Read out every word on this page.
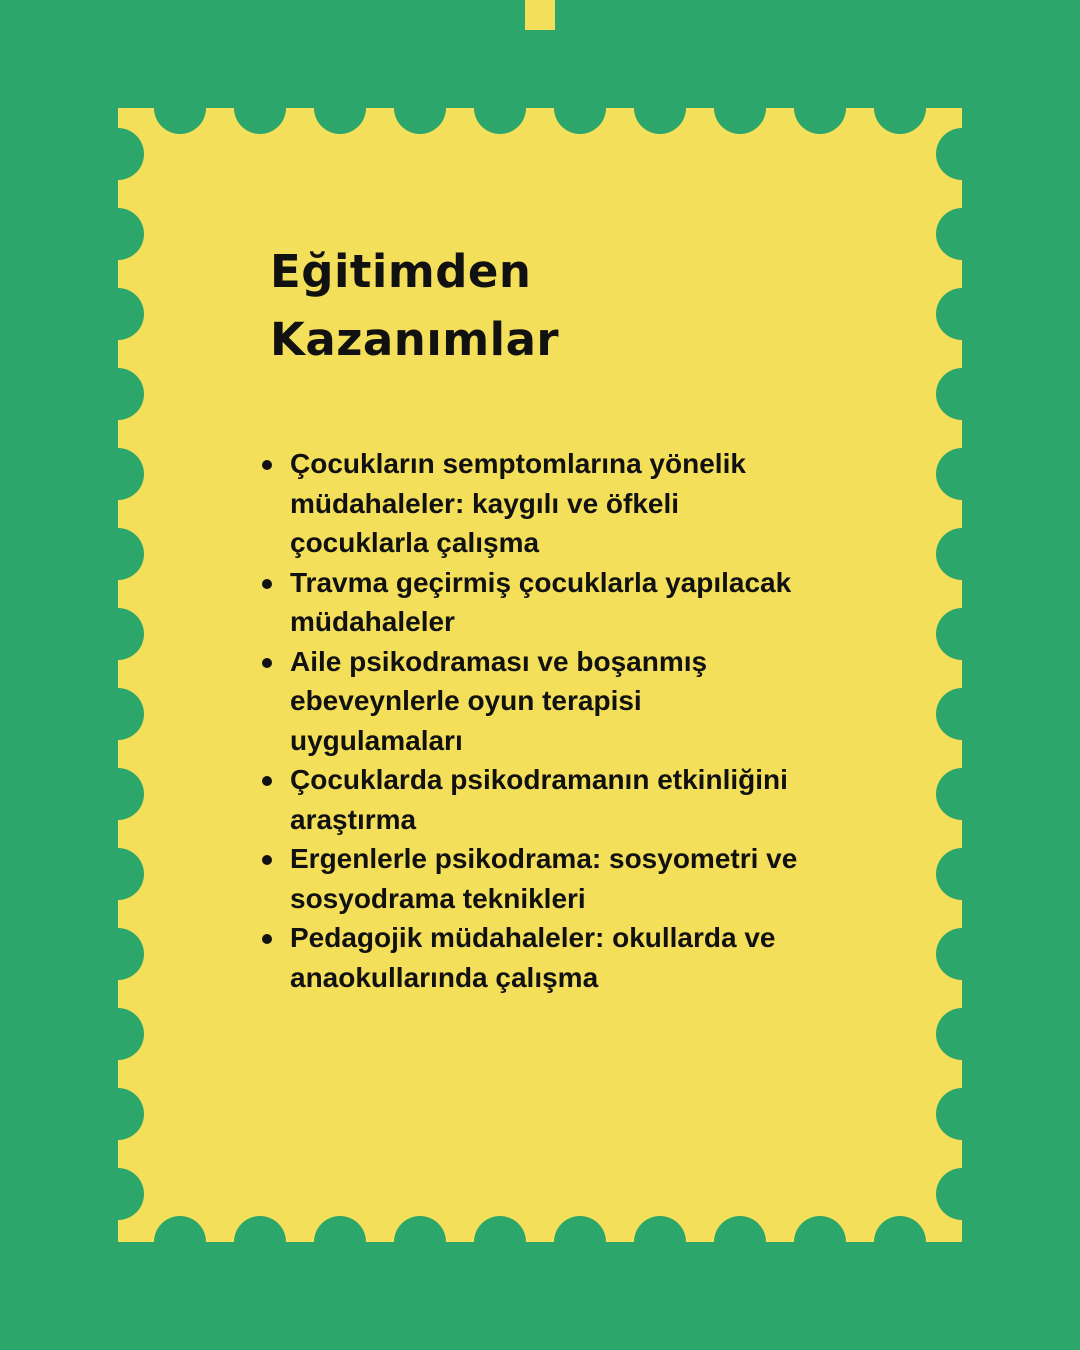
Eğitimden
Kazanımlar
Çocukların semptomlarına yönelik
müdahaleler: kaygılı ve öfkeli
çocuklarla çalışma
Travma geçirmiş çocuklarla yapılacak
müdahaleler
Aile psikodraması ve boşanmış
ebeveynlerle oyun terapisi
uygulamaları
Çocuklarda psikodramanın etkinliğini
araştırma
Ergenlerle psikodrama: sosyometri ve
sosyodrama teknikleri
Pedagojik müdahaleler: okullarda ve
anaokullarında çalışma
